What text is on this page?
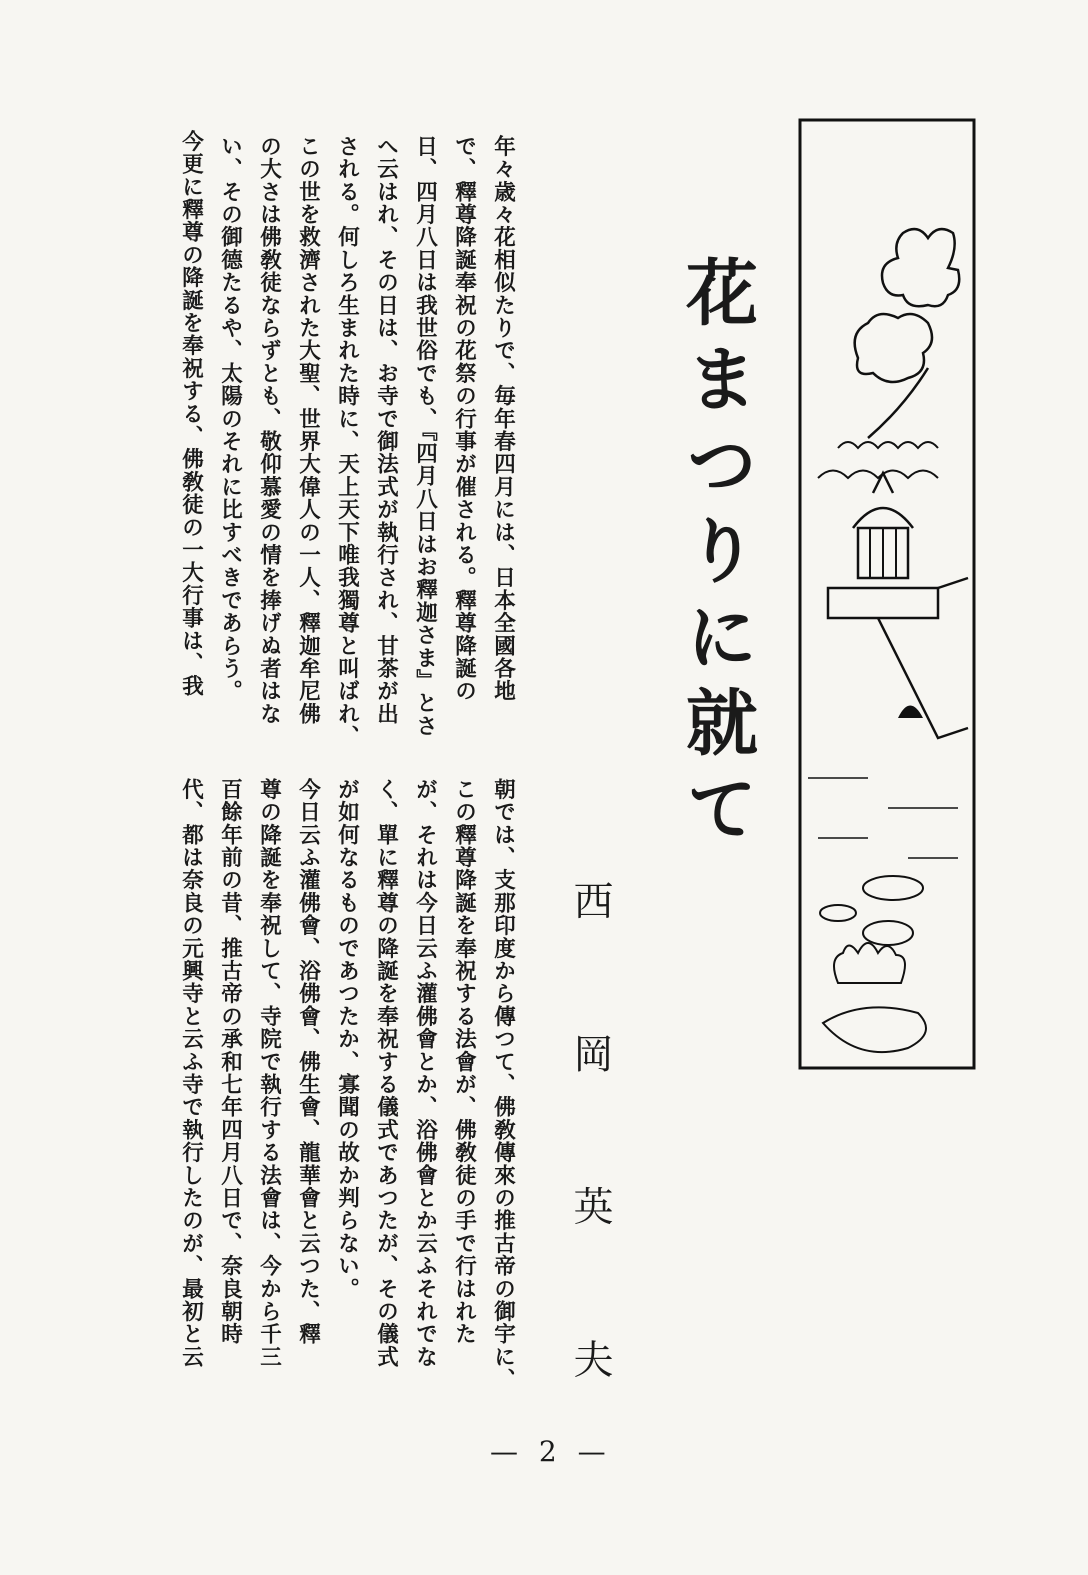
年々歳々花相似たりで、毎年春四月には、日本全國各地
で、釋尊降誕奉祝の花祭の行事が催される。釋尊降誕の
日、四月八日は我世俗でも、『四月八日はお釋迦さま』とさ
へ云はれ、その日は、お寺で御法式が執行され、甘茶が出
される。何しろ生まれた時に、天上天下唯我獨尊と叫ばれ、
この世を救濟された大聖、世界大偉人の一人、釋迦牟尼佛
の大さは佛敎徒ならずとも、敬仰慕愛の情を捧げぬ者はな
い、その御德たるや、太陽のそれに比すべきであらう。
今更に釋尊の降誕を奉祝する、佛敎徒の一大行事は、我
朝では、支那印度から傳つて、佛敎傳來の推古帝の御宇に、
この釋尊降誕を奉祝する法會が、佛敎徒の手で行はれた
が、それは今日云ふ灌佛會とか、浴佛會とか云ふそれでな
く、單に釋尊の降誕を奉祝する儀式であつたが、その儀式
が如何なるものであつたか、寡聞の故か判らない。
今日云ふ灌佛會、浴佛會、佛生會、龍華會と云つた、釋
尊の降誕を奉祝して、寺院で執行する法會は、今から千三
百餘年前の昔、推古帝の承和七年四月八日で、奈良朝時
代、都は奈良の元興寺と云ふ寺で執行したのが、最初と云
花まつりに就て
西 岡 英 夫
— 2 —
